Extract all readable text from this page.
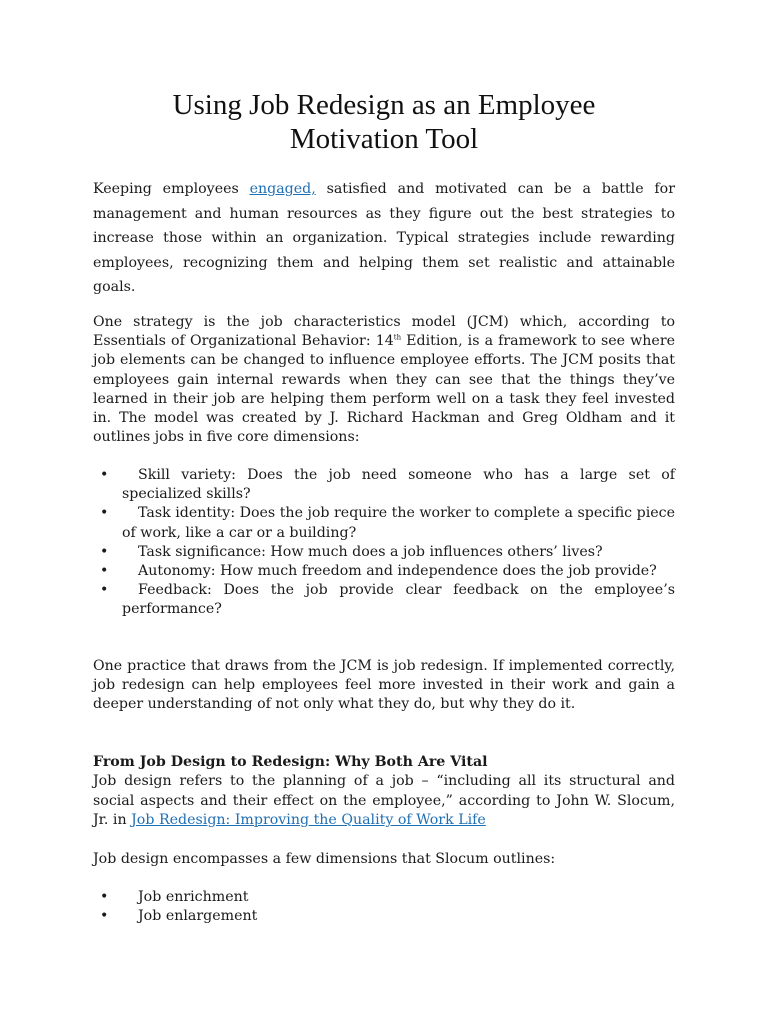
Using Job Redesign as an Employee
Motivation Tool

Keeping employees engaged, satisfied and motivated can be a battle for management and human resources as they figure out the best strategies to increase those within an organization. Typical strategies include rewarding employees, recognizing them and helping them set realistic and attainable goals.

One strategy is the job characteristics model (JCM) which, according to Essentials of Organizational Behavior: 14th Edition, is a framework to see where job elements can be changed to influence employee efforts. The JCM posits that employees gain internal rewards when they can see that the things they’ve learned in their job are helping them perform well on a task they feel invested in. The model was created by J. Richard Hackman and Greg Oldham and it outlines jobs in five core dimensions:

• Skill variety: Does the job need someone who has a large set of specialized skills?
• Task identity: Does the job require the worker to complete a specific piece of work, like a car or a building?
• Task significance: How much does a job influences others’ lives?
• Autonomy: How much freedom and independence does the job provide?
• Feedback: Does the job provide clear feedback on the employee’s performance?

One practice that draws from the JCM is job redesign. If implemented correctly, job redesign can help employees feel more invested in their work and gain a deeper understanding of not only what they do, but why they do it.

From Job Design to Redesign: Why Both Are Vital

Job design refers to the planning of a job – “including all its structural and social aspects and their effect on the employee,” according to John W. Slocum, Jr. in Job Redesign: Improving the Quality of Work Life

Job design encompasses a few dimensions that Slocum outlines:

• Job enrichment
• Job enlargement
